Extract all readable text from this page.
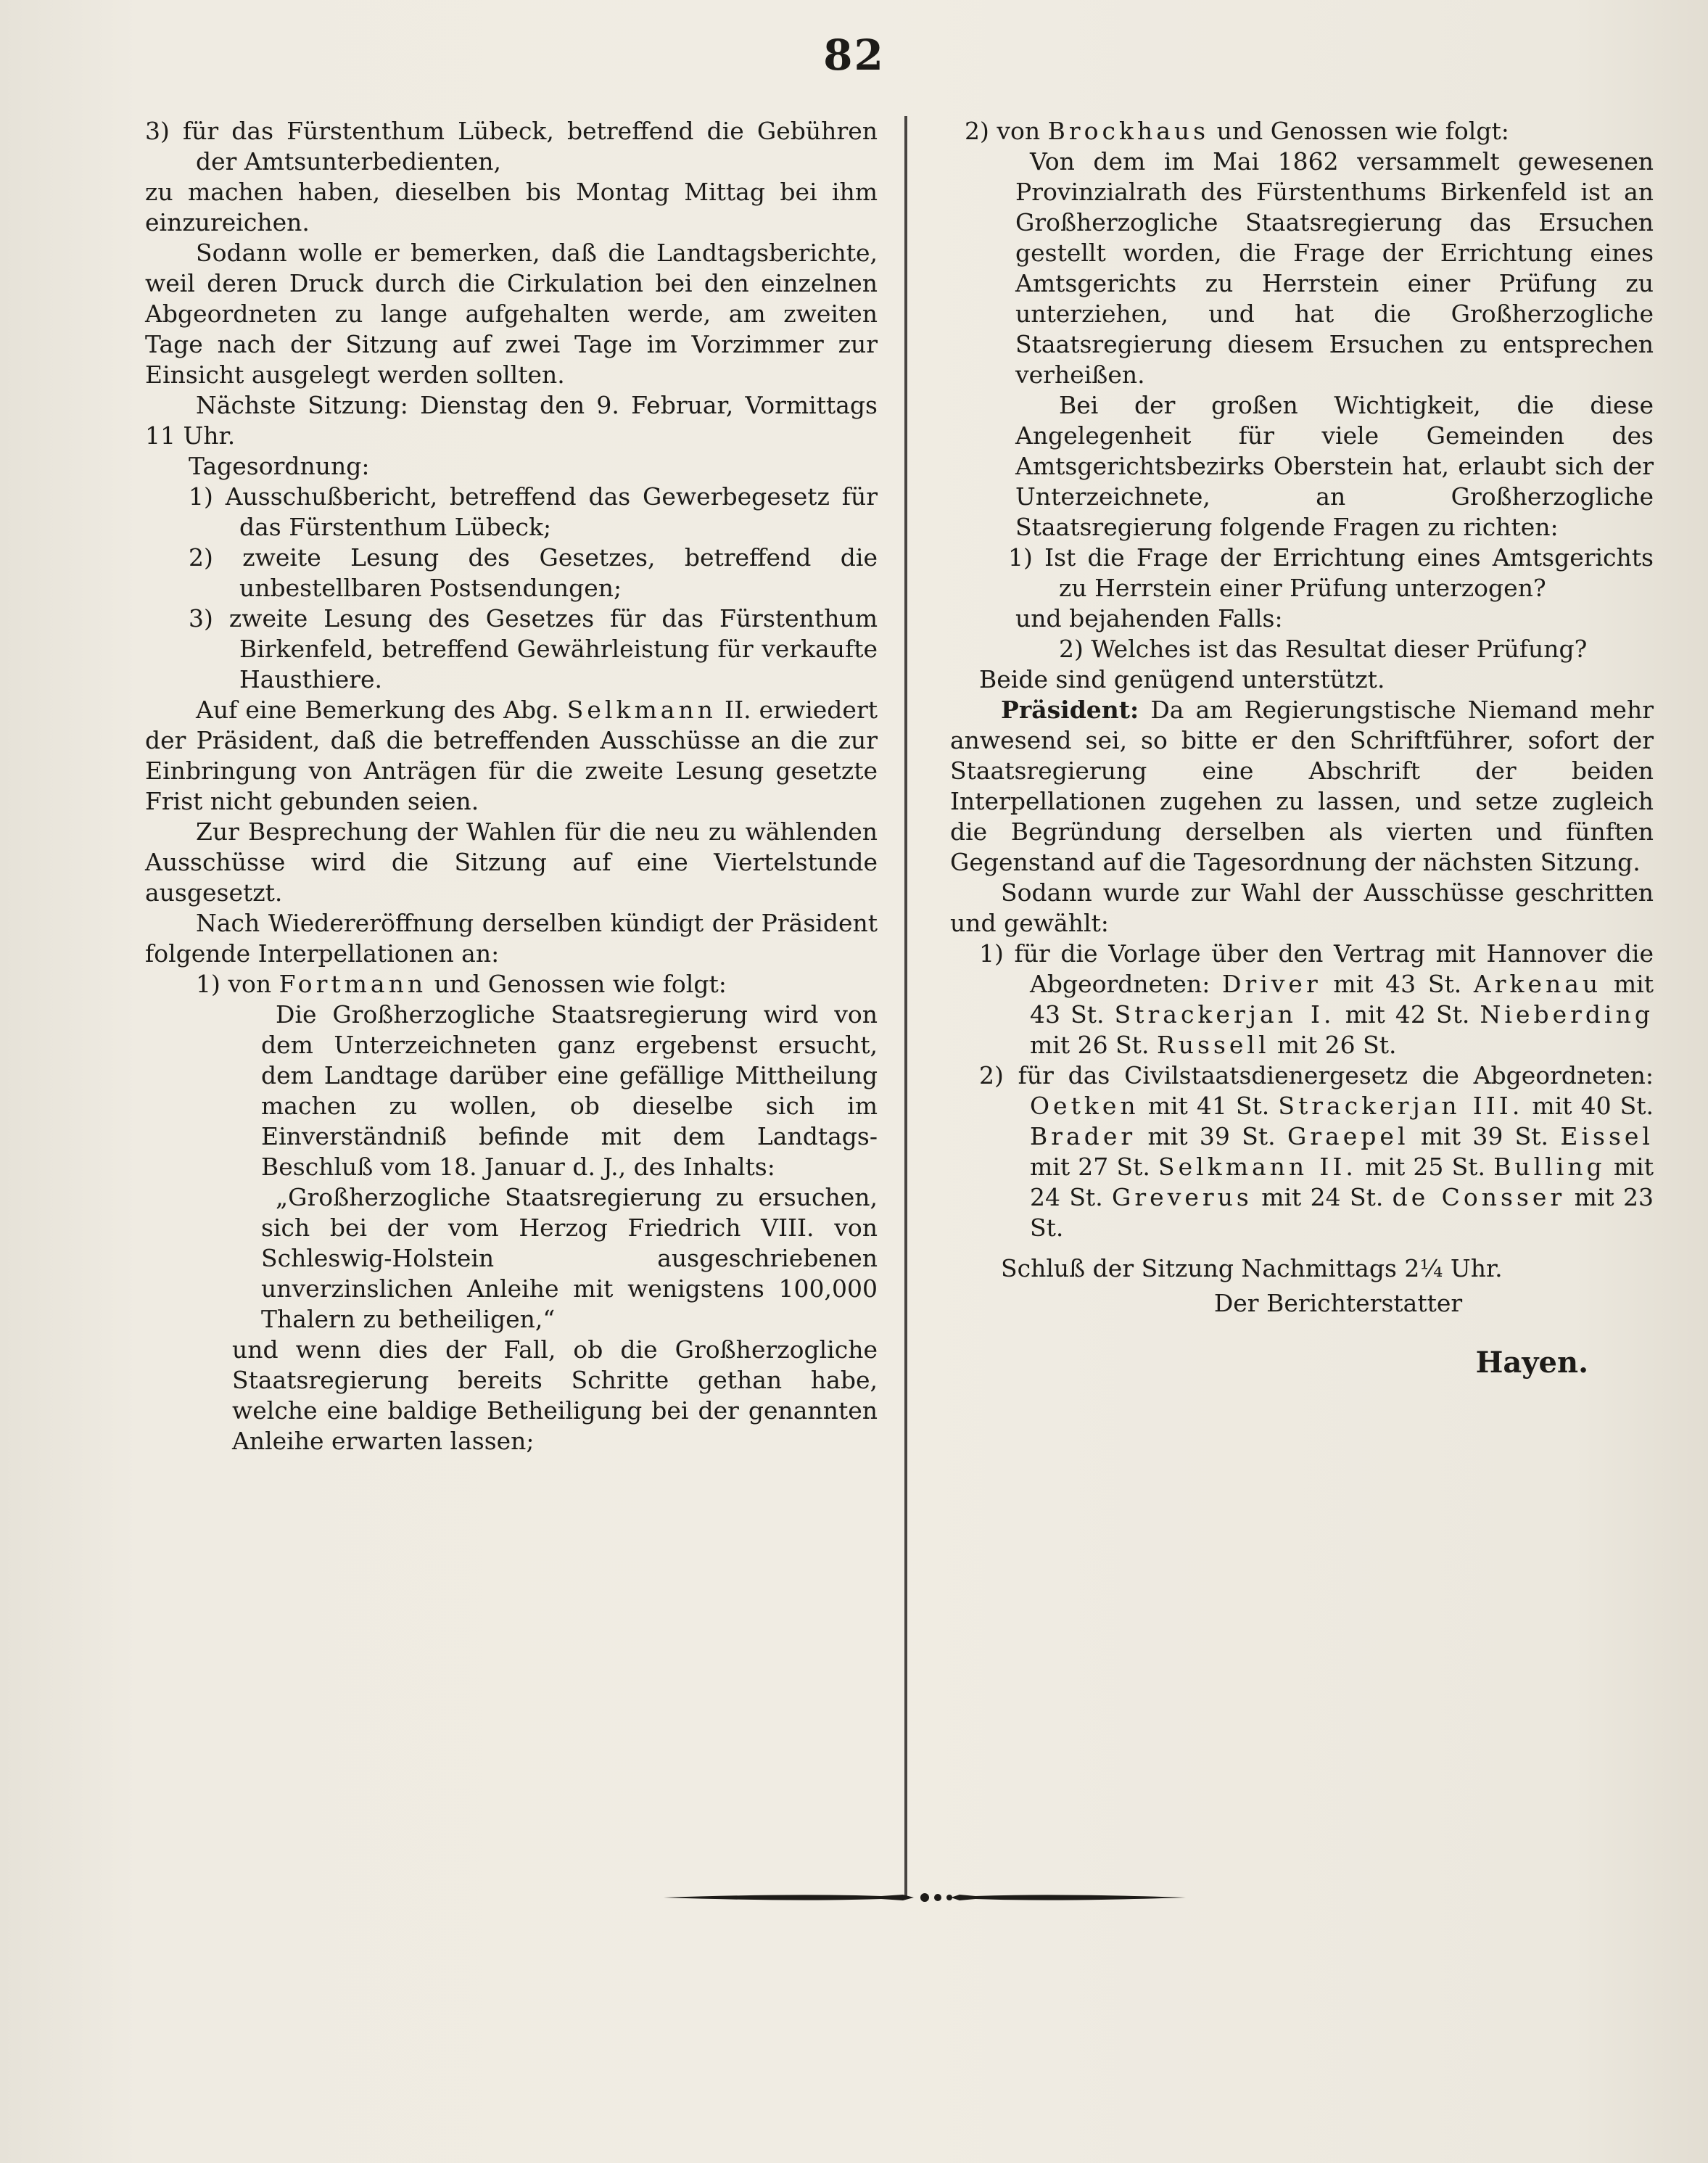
82

3) für das Fürstenthum Lübeck, betreffend die Gebühren der Amtsunterbedienten,

zu machen haben, dieselben bis Montag Mittag bei ihm einzureichen.

Sodann wolle er bemerken, daß die Landtagsberichte, weil deren Druck durch die Cirkulation bei den einzelnen Abgeordneten zu lange aufgehalten werde, am zweiten Tage nach der Sitzung auf zwei Tage im Vorzimmer zur Einsicht ausgelegt werden sollten.

Nächste Sitzung: Dienstag den 9. Februar, Vormittags 11 Uhr.

Tagesordnung:

1) Ausschußbericht, betreffend das Gewerbegesetz für das Fürstenthum Lübeck;

2) zweite Lesung des Gesetzes, betreffend die unbestellbaren Postsendungen;

3) zweite Lesung des Gesetzes für das Fürstenthum Birkenfeld, betreffend Gewährleistung für verkaufte Hausthiere.

Auf eine Bemerkung des Abg. Selkmann II. erwiedert der Präsident, daß die betreffenden Ausschüsse an die zur Einbringung von Anträgen für die zweite Lesung gesetzte Frist nicht gebunden seien.

Zur Besprechung der Wahlen für die neu zu wählenden Ausschüsse wird die Sitzung auf eine Viertelstunde ausgesetzt.

Nach Wiedereröffnung derselben kündigt der Präsident folgende Interpellationen an:

1) von Fortmann und Genossen wie folgt:

Die Großherzogliche Staatsregierung wird von dem Unterzeichneten ganz ergebenst ersucht, dem Landtage darüber eine gefällige Mittheilung machen zu wollen, ob dieselbe sich im Einverständniß befinde mit dem Landtags-Beschluß vom 18. Januar d. J., des Inhalts:

„Großherzogliche Staatsregierung zu ersuchen, sich bei der vom Herzog Friedrich VIII. von Schleswig-Holstein ausgeschriebenen unverzinslichen Anleihe mit wenigstens 100,000 Thalern zu betheiligen,“

und wenn dies der Fall, ob die Großherzogliche Staatsregierung bereits Schritte gethan habe, welche eine baldige Betheiligung bei der genannten Anleihe erwarten lassen;

2) von Brockhaus und Genossen wie folgt:

Von dem im Mai 1862 versammelt gewesenen Provinzialrath des Fürstenthums Birkenfeld ist an Großherzogliche Staatsregierung das Ersuchen gestellt worden, die Frage der Errichtung eines Amtsgerichts zu Herrstein einer Prüfung zu unterziehen, und hat die Großherzogliche Staatsregierung diesem Ersuchen zu entsprechen verheißen.

Bei der großen Wichtigkeit, die diese Angelegenheit für viele Gemeinden des Amtsgerichtsbezirks Oberstein hat, erlaubt sich der Unterzeichnete, an Großherzogliche Staatsregierung folgende Fragen zu richten:

1) Ist die Frage der Errichtung eines Amtsgerichts zu Herrstein einer Prüfung unterzogen?

und bejahenden Falls:

2) Welches ist das Resultat dieser Prüfung?

Beide sind genügend unterstützt.

Präsident: Da am Regierungstische Niemand mehr anwesend sei, so bitte er den Schriftführer, sofort der Staatsregierung eine Abschrift der beiden Interpellationen zugehen zu lassen, und setze zugleich die Begründung derselben als vierten und fünften Gegenstand auf die Tagesordnung der nächsten Sitzung.

Sodann wurde zur Wahl der Ausschüsse geschritten und gewählt:

1) für die Vorlage über den Vertrag mit Hannover die Abgeordneten: Driver mit 43 St. Arkenau mit 43 St. Strackerjan I. mit 42 St. Nieberding mit 26 St. Russell mit 26 St.

2) für das Civilstaatsdienergesetz die Abgeordneten: Oetken mit 41 St. Strackerjan III. mit 40 St. Brader mit 39 St. Graepel mit 39 St. Eissel mit 27 St. Selkmann II. mit 25 St. Bulling mit 24 St. Greverus mit 24 St. de Consser mit 23 St.

Schluß der Sitzung Nachmittags 2¼ Uhr.

Der Berichterstatter

Hayen.
